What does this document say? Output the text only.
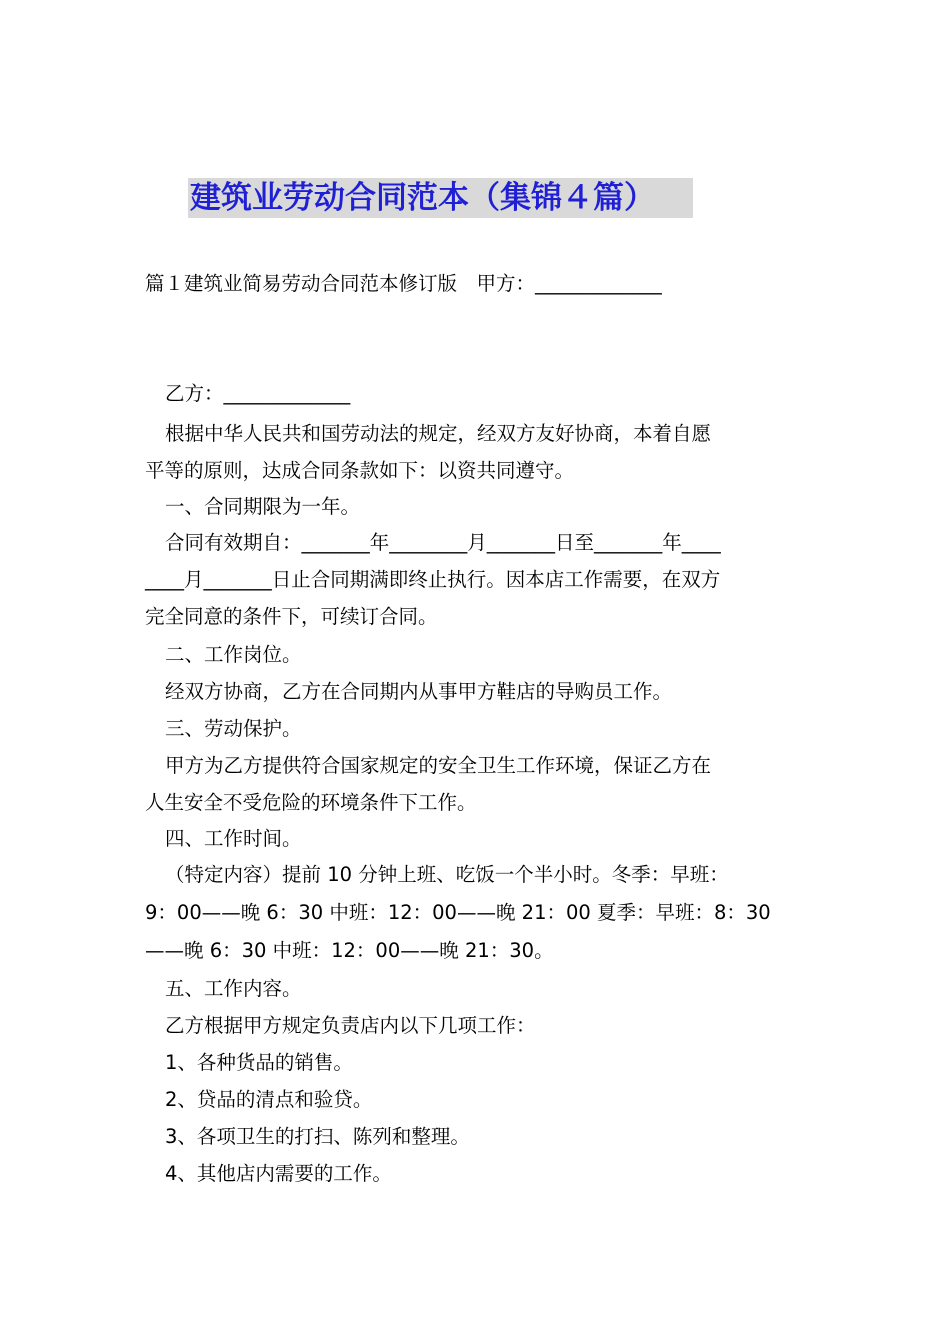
建筑业劳动合同范本（集锦４篇）
篇１建筑业简易劳动合同范本修订版　甲方：_____________
乙方：_____________
根据中华人民共和国劳动法的规定，经双方友好协商，本着自愿
平等的原则，达成合同条款如下：以资共同遵守。
一、合同期限为一年。
合同有效期自：_______年________月_______日至_______年____
____月_______日止合同期满即终止执行。因本店工作需要，在双方
完全同意的条件下，可续订合同。
二、工作岗位。
经双方协商，乙方在合同期内从事甲方鞋店的导购员工作。
三、劳动保护。
甲方为乙方提供符合国家规定的安全卫生工作环境，保证乙方在
人生安全不受危险的环境条件下工作。
四、工作时间。
（特定内容）提前 10 分钟上班、吃饭一个半小时。冬季：早班：
9：00——晚 6：30 中班：12：00——晚 21：00 夏季：早班：8：30
——晚 6：30 中班：12：00——晚 21：30。
五、工作内容。
乙方根据甲方规定负责店内以下几项工作：
1、各种货品的销售。
2、贷品的清点和验贷。
3、各项卫生的打扫、陈列和整理。
4、其他店内需要的工作。
